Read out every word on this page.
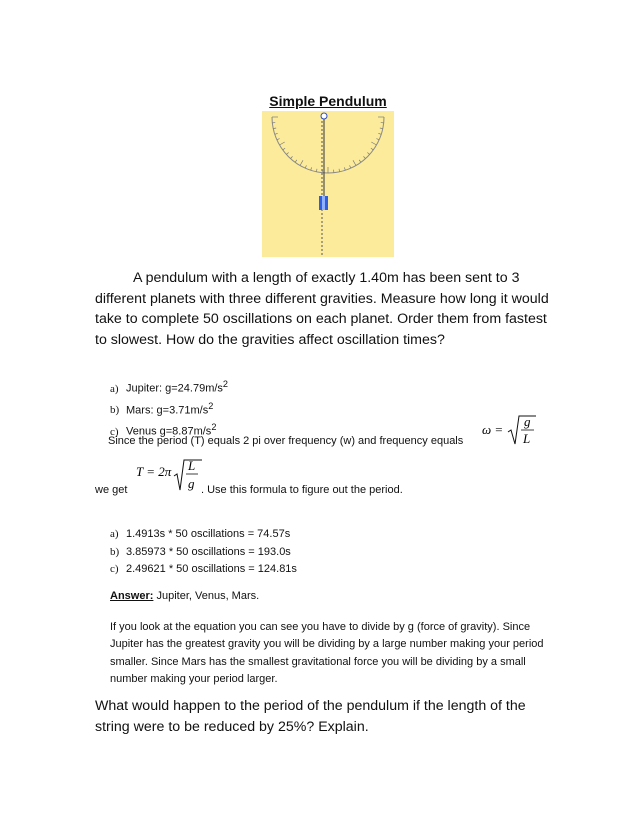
Simple Pendulum
A pendulum with a length of exactly 1.40m has been sent to 3 different planets with three different gravities. Measure how long it would take to complete 50 oscillations on each planet. Order them from fastest to slowest. How do the gravities affect oscillation times?
a) Jupiter: $g=24.79m/s^2$
b) Mars: $g=3.71m/s^2$
c) Venus $g=8.87m/s^2$
Since the period (T) equals 2 pi over frequency (w) and frequency equals
ω =
g
L
we get
T = 2π L
g . Use this formula to figure out the period.
a) 1.4913s * 50 oscillations = 74.57s
b) 3.85973 * 50 oscillations = 193.0s
c) 2.49621 * 50 oscillations = 124.81s
Answer: Jupiter, Venus, Mars.
If you look at the equation you can see you have to divide by g (force of gravity). Since Jupiter has the greatest gravity you will be dividing by a large number making your period smaller. Since Mars has the smallest gravitational force you will be dividing by a small number making your period larger.
What would happen to the period of the pendulum if the length of the string were to be reduced by 25%? Explain.
